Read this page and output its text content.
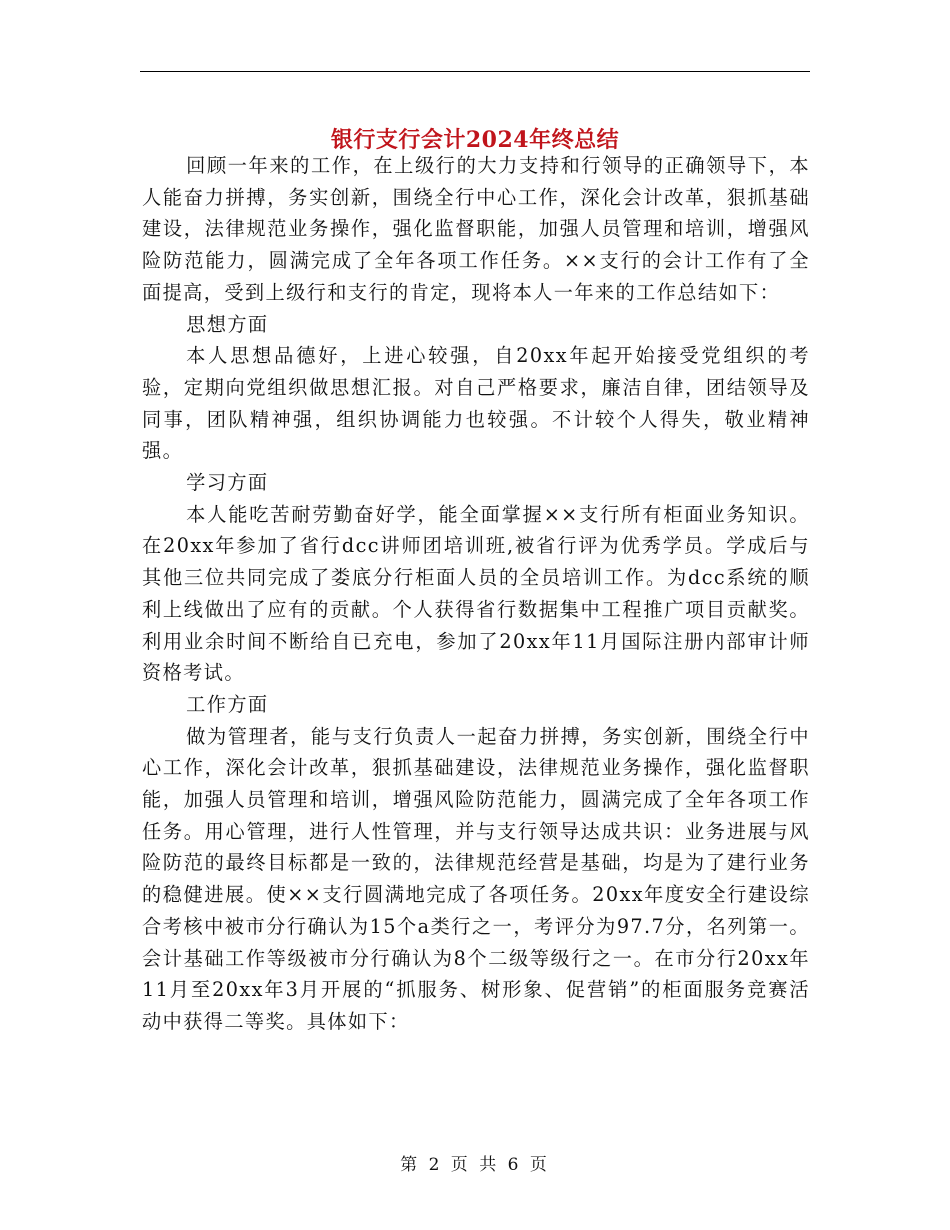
银行支行会计2024年终总结

回顾一年来的工作，在上级行的大力支持和行领导的正确领导下，本人能奋力拼搏，务实创新，围绕全行中心工作，深化会计改革，狠抓基础建设，法律规范业务操作，强化监督职能，加强人员管理和培训，增强风险防范能力，圆满完成了全年各项工作任务。××支行的会计工作有了全面提高，受到上级行和支行的肯定，现将本人一年来的工作总结如下：

思想方面

本人思想品德好，上进心较强，自20xx年起开始接受党组织的考验，定期向党组织做思想汇报。对自己严格要求，廉洁自律，团结领导及同事，团队精神强，组织协调能力也较强。不计较个人得失，敬业精神强。

学习方面

本人能吃苦耐劳勤奋好学，能全面掌握××支行所有柜面业务知识。在20xx年参加了省行dcc讲师团培训班,被省行评为优秀学员。学成后与其他三位共同完成了娄底分行柜面人员的全员培训工作。为dcc系统的顺利上线做出了应有的贡献。个人获得省行数据集中工程推广项目贡献奖。利用业余时间不断给自已充电，参加了20xx年11月国际注册内部审计师资格考试。

工作方面

做为管理者，能与支行负责人一起奋力拼搏，务实创新，围绕全行中心工作，深化会计改革，狠抓基础建设，法律规范业务操作，强化监督职能，加强人员管理和培训，增强风险防范能力，圆满完成了全年各项工作任务。用心管理，进行人性管理，并与支行领导达成共识：业务进展与风险防范的最终目标都是一致的，法律规范经营是基础，均是为了建行业务的稳健进展。使××支行圆满地完成了各项任务。20xx年度安全行建设综合考核中被市分行确认为15个a类行之一，考评分为97.7分，名列第一。会计基础工作等级被市分行确认为8个二级等级行之一。在市分行20xx年11月至20xx年3月开展的“抓服务、树形象、促营销”的柜面服务竞赛活动中获得二等奖。具体如下：

第 2 页 共 6 页
